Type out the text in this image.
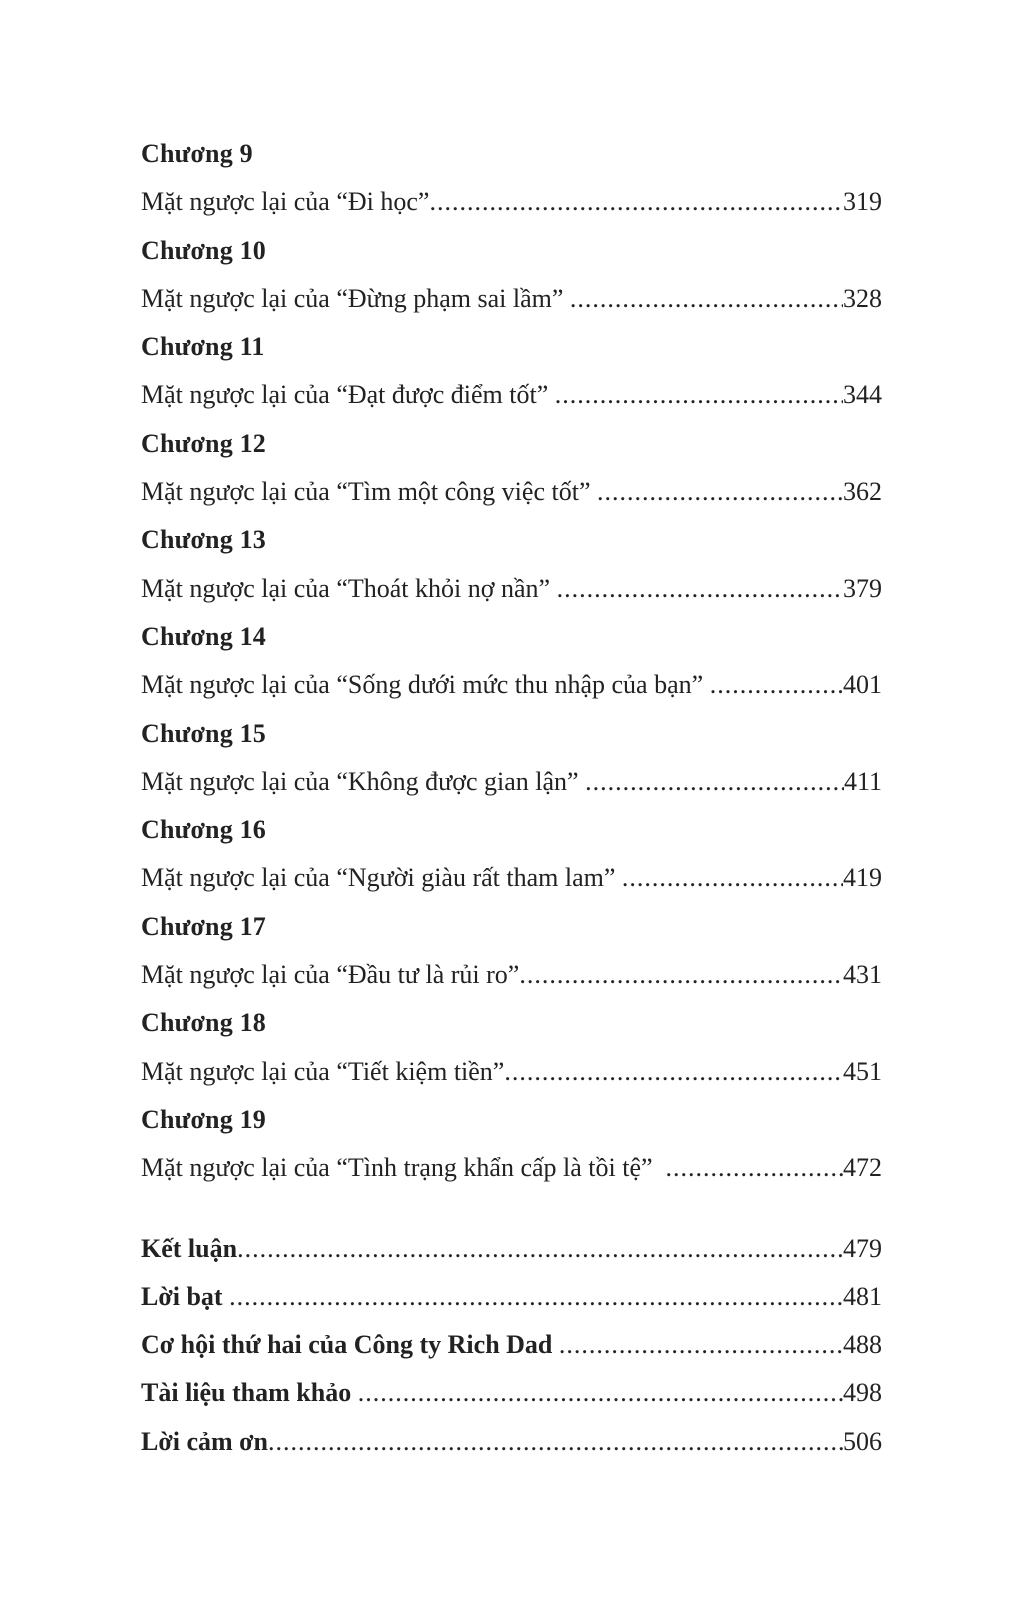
Chương 9
Mặt ngược lại của “Đi học” .....	319
Chương 10
Mặt ngược lại của “Đừng phạm sai lầm” .....	328
Chương 11
Mặt ngược lại của “Đạt được điểm tốt” .....	344
Chương 12
Mặt ngược lại của “Tìm một công việc tốt” .....	362
Chương 13
Mặt ngược lại của “Thoát khỏi nợ nần” .....	379
Chương 14
Mặt ngược lại của “Sống dưới mức thu nhập của bạn” .....	401
Chương 15
Mặt ngược lại của “Không được gian lận” .....	411
Chương 16
Mặt ngược lại của “Người giàu rất tham lam” .....	419
Chương 17
Mặt ngược lại của “Đầu tư là rủi ro” .....	431
Chương 18
Mặt ngược lại của “Tiết kiệm tiền” .....	451
Chương 19
Mặt ngược lại của “Tình trạng khẩn cấp là tồi tệ” .....	472
Kết luận .....	479
Lời bạt .....	481
Cơ hội thứ hai của Công ty Rich Dad .....	488
Tài liệu tham khảo .....	498
Lời cảm ơn .....	506
